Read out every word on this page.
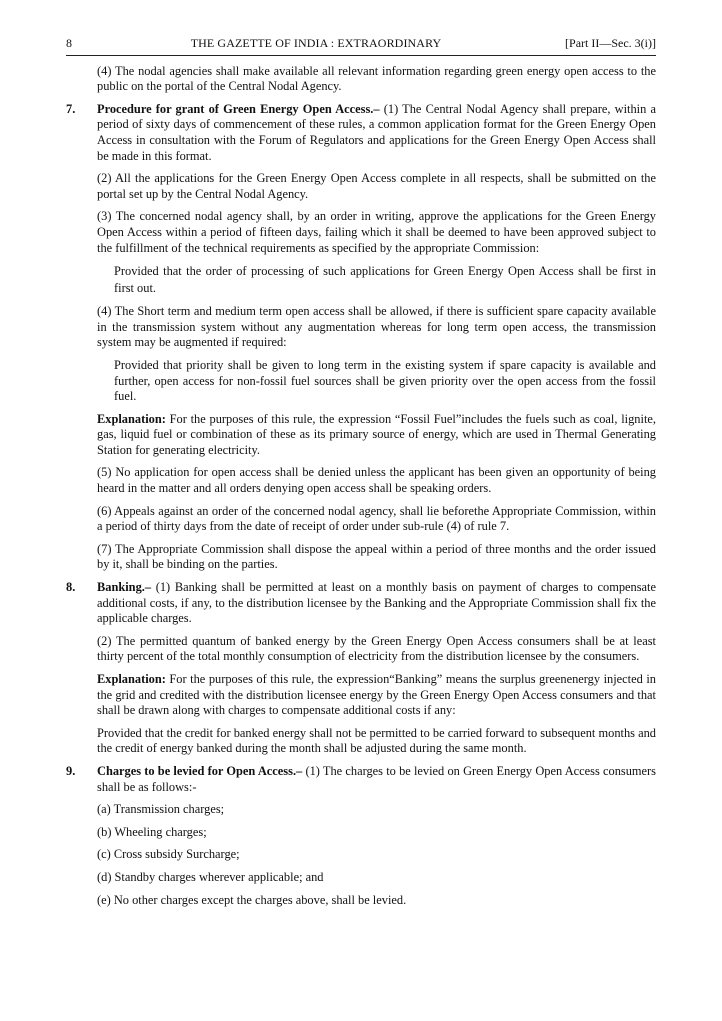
8	THE GAZETTE OF INDIA : EXTRAORDINARY	[Part II—Sec. 3(i)]

(4) The nodal agencies shall make available all relevant information regarding green energy open access to the public on the portal of the Central Nodal Agency.

7.	Procedure for grant of Green Energy Open Access.– (1) The Central Nodal Agency shall prepare, within a period of sixty days of commencement of these rules, a common application format for the Green Energy Open Access in consultation with the Forum of Regulators and applications for the Green Energy Open Access shall be made in this format.

(2) All the applications for the Green Energy Open Access complete in all respects, shall be submitted on the portal set up by the Central Nodal Agency.

(3) The concerned nodal agency shall, by an order in writing, approve the applications for the Green Energy Open Access within a period of fifteen days, failing which it shall be deemed to have been approved subject to the fulfillment of the technical requirements as specified by the appropriate Commission:

Provided that the order of processing of such applications for Green Energy Open Access shall be first in first out.

(4) The Short term and medium term open access shall be allowed, if there is sufficient spare capacity available in the transmission system without any augmentation whereas for long term open access, the transmission system may be augmented if required:

Provided that priority shall be given to long term in the existing system if spare capacity is available and further, open access for non-fossil fuel sources shall be given priority over the open access from the fossil fuel.

Explanation: For the purposes of this rule, the expression “Fossil Fuel”includes the fuels such as coal, lignite, gas, liquid fuel or combination of these as its primary source of energy, which are used in Thermal Generating Station for generating electricity.

(5) No application for open access shall be denied unless the applicant has been given an opportunity of being heard in the matter and all orders denying open access shall be speaking orders.

(6) Appeals against an order of the concerned nodal agency, shall lie beforethe Appropriate Commission, within a period of thirty days from the date of receipt of order under sub-rule (4) of rule 7.

(7) The Appropriate Commission shall dispose the appeal within a period of three months and the order issued by it, shall be binding on the parties.

8.	Banking.– (1) Banking shall be permitted at least on a monthly basis on payment of charges to compensate additional costs, if any, to the distribution licensee by the Banking and the Appropriate Commission shall fix the applicable charges.

(2) The permitted quantum of banked energy by the Green Energy Open Access consumers shall be at least thirty percent of the total monthly consumption of electricity from the distribution licensee by the consumers.

Explanation: For the purposes of this rule, the expression“Banking” means the surplus greenenergy injected in the grid and credited with the distribution licensee energy by the Green Energy Open Access consumers and that shall be drawn along with charges to compensate additional costs if any:

Provided that the credit for banked energy shall not be permitted to be carried forward to subsequent months and the credit of energy banked during the month shall be adjusted during the same month.

9.	Charges to be levied for Open Access.– (1) The charges to be levied on Green Energy Open Access consumers shall be as follows:-

(a) Transmission charges;

(b) Wheeling charges;

(c) Cross subsidy Surcharge;

(d) Standby charges wherever applicable; and

(e) No other charges except the charges above, shall be levied.
